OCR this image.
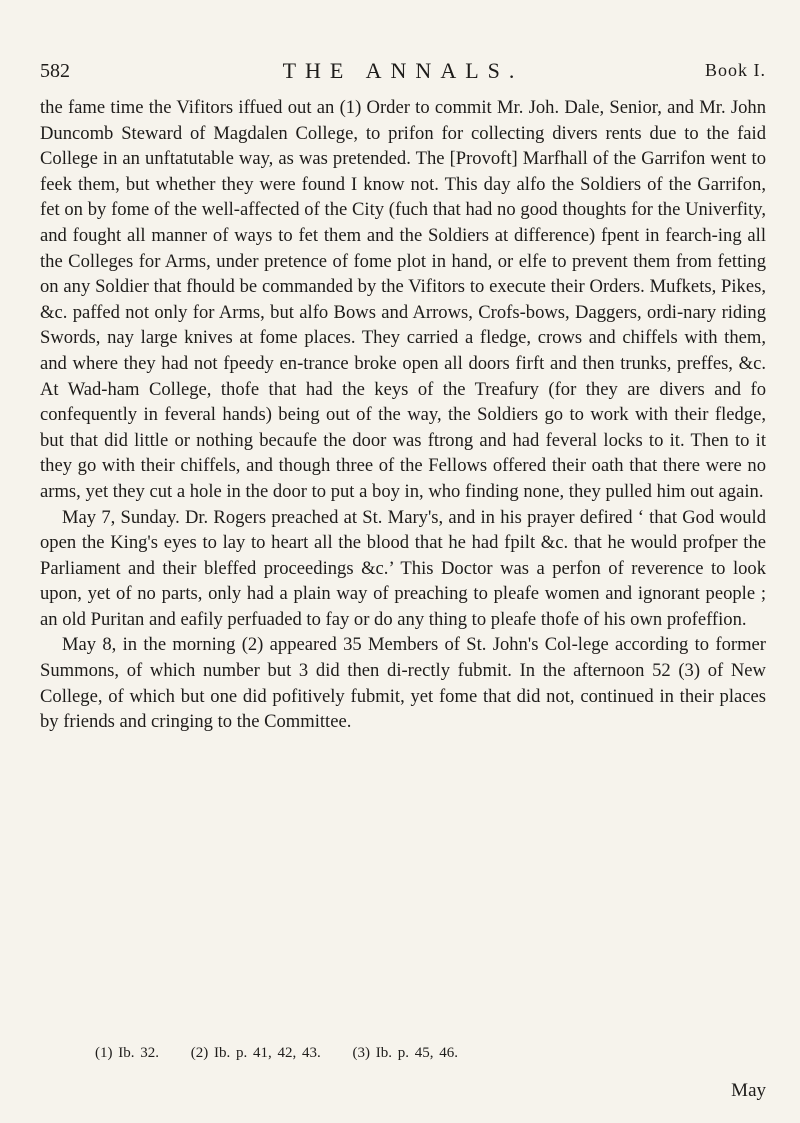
THE ANNALS.
582	Book I.

the fame time the Vifitors iffued out an (1) Order to commit Mr. Joh. Dale, Senior, and Mr. John Duncomb Steward of Magdalen College, to prifon for collecting divers rents due to the faid College in an unftatutable way, as was pretended. The [Provoft] Marfhall of the Garrifon went to feek them, but whether they were found I know not. This day alfo the Soldiers of the Garrifon, fet on by fome of the well-affected of the City (fuch that had no good thoughts for the Univerfity, and fought all manner of ways to fet them and the Soldiers at difference) fpent in fearch-ing all the Colleges for Arms, under pretence of fome plot in hand, or elfe to prevent them from fetting on any Soldier that fhould be commanded by the Vifitors to execute their Orders. Mufkets, Pikes, &c. paffed not only for Arms, but alfo Bows and Arrows, Crofs-bows, Daggers, ordi-nary riding Swords, nay large knives at fome places. They carried a fledge, crows and chiffels with them, and where they had not fpeedy en-trance broke open all doors firft and then trunks, preffes, &c. At Wad-ham College, thofe that had the keys of the Treafury (for they are divers and fo confequently in feveral hands) being out of the way, the Soldiers go to work with their fledge, but that did little or nothing becaufe the door was ftrong and had feveral locks to it. Then to it they go with their chiffels, and though three of the Fellows offered their oath that there were no arms, yet they cut a hole in the door to put a boy in, who finding none, they pulled him out again.

May 7, Sunday. Dr. Rogers preached at St. Mary's, and in his prayer defired ‘ that God would open the King's eyes to lay to heart all the blood that he had fpilt &c. that he would profper the Parliament and their bleffed proceedings &c.’ This Doctor was a perfon of reverence to look upon, yet of no parts, only had a plain way of preaching to pleafe women and ignorant people ; an old Puritan and eafily perfuaded to fay or do any thing to pleafe thofe of his own profeffion.

May 8, in the morning (2) appeared 35 Members of St. John's Col-lege according to former Summons, of which number but 3 did then di-rectly fubmit. In the afternoon 52 (3) of New College, of which but one did pofitively fubmit, yet fome that did not, continued in their places by friends and cringing to the Committee.

(1) Ib. 32. (2) Ib. p. 41, 42, 43. (3) Ib. p. 45, 46.
May
